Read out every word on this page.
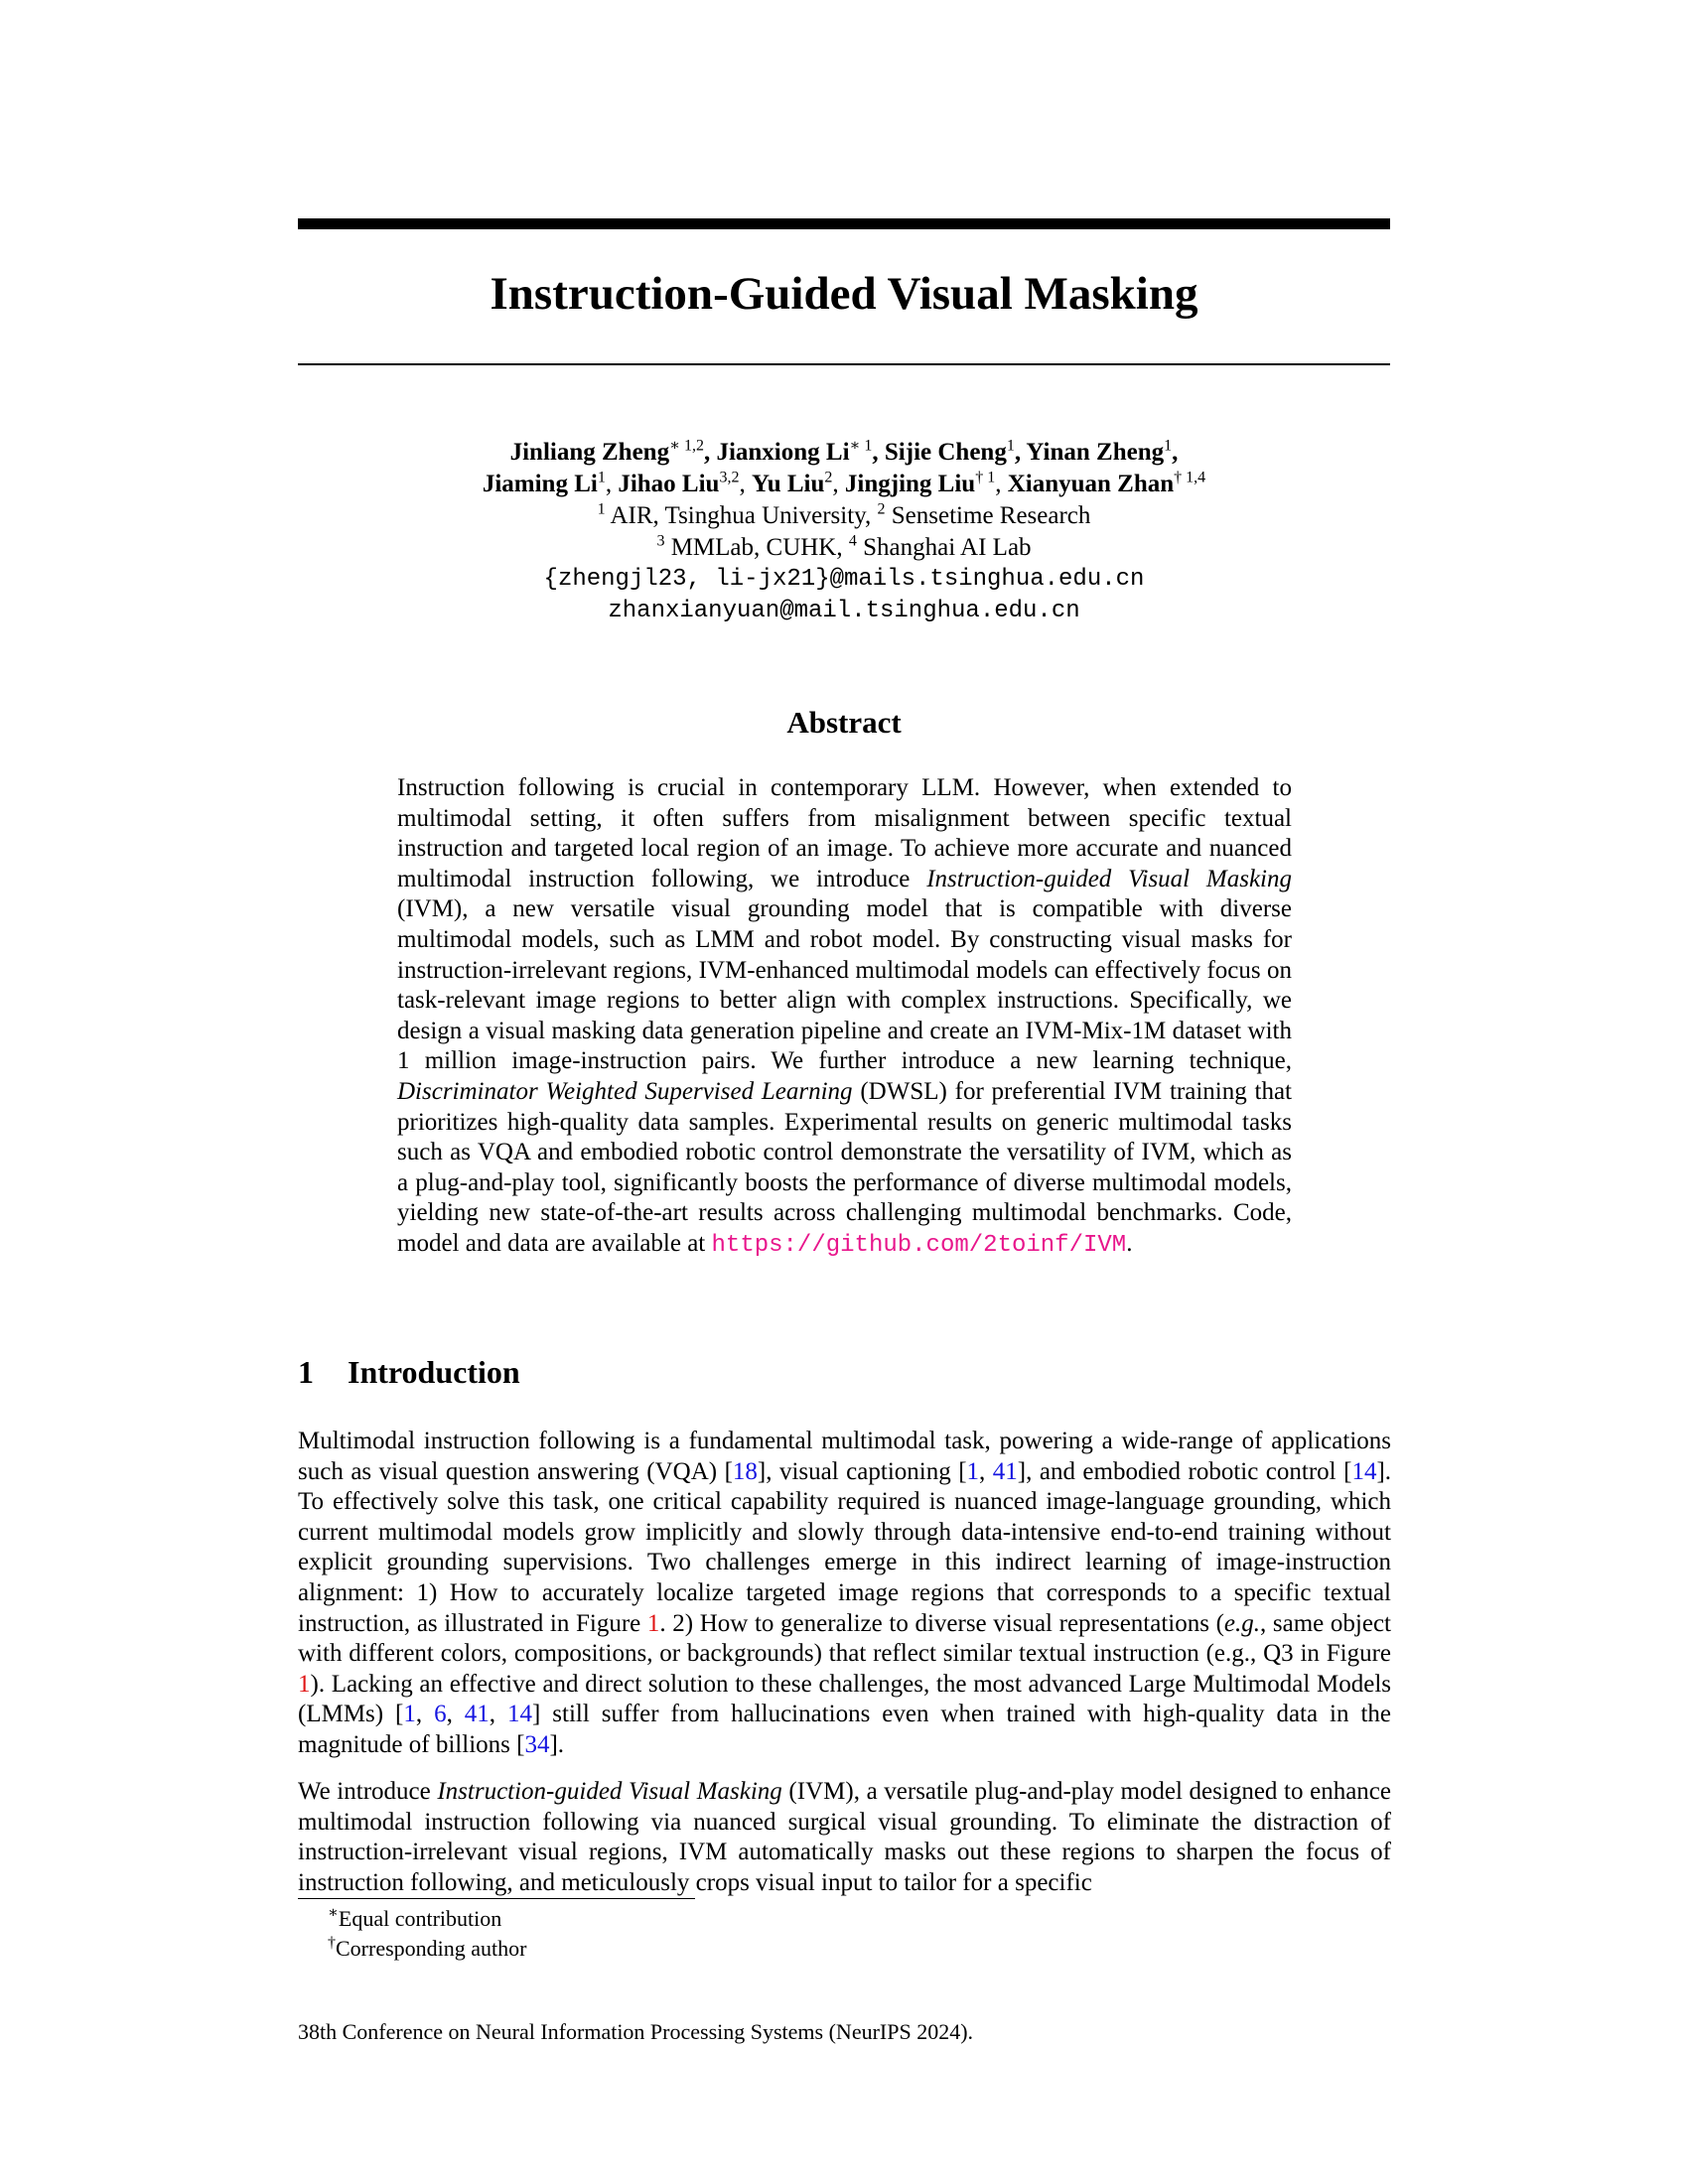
Instruction-Guided Visual Masking
Jinliang Zheng$^{∗ 1,2}$, Jianxiong $Li^{∗ 1}$, Sijie Cheng$^1$, Yinan Zheng$^1$,
Jiaming Li$^1$, Jihao Liu$^{3,2}$, Yu Liu$^2$, Jingjing Liu$^{\dagger 1}$, Xianyuan Zhan$^{\dagger 1,4}$
$^1$ AIR, Tsinghua University, $^2$ Sensetime Research
$^3$ MMLab, CUHK, $^4$ Shanghai AI Lab
{zhengjl23, li-jx21}@mails.tsinghua.edu.cn
zhanxianyuan@mail.tsinghua.edu.cn
Abstract
Instruction following is crucial in contemporary LLM. However, when extended to multimodal setting, it often suffers from misalignment between specific textual instruction and targeted local region of an image. To achieve more accurate and nuanced multimodal instruction following, we introduce Instruction-guided Visual Masking (IVM), a new versatile visual grounding model that is compatible with diverse multimodal models, such as LMM and robot model. By constructing visual masks for instruction-irrelevant regions, IVM-enhanced multimodal models can effectively focus on task-relevant image regions to better align with complex instructions. Specifically, we design a visual masking data generation pipeline and create an IVM-Mix-1M dataset with 1 million image-instruction pairs. We further introduce a new learning technique, Discriminator Weighted Supervised Learning (DWSL) for preferential IVM training that prioritizes high-quality data samples. Experimental results on generic multimodal tasks such as VQA and embodied robotic control demonstrate the versatility of IVM, which as a plug-and-play tool, significantly boosts the performance of diverse multimodal models, yielding new state-of-the-art results across challenging multimodal benchmarks. Code, model and data are available at https://github.com/2toinf/IVM.
1 Introduction
Multimodal instruction following is a fundamental multimodal task, powering a wide-range of applications such as visual question answering (VQA) [18], visual captioning [1, 41], and embodied robotic control [14]. To effectively solve this task, one critical capability required is nuanced image-language grounding, which current multimodal models grow implicitly and slowly through data-intensive end-to-end training without explicit grounding supervisions. Two challenges emerge in this indirect learning of image-instruction alignment: 1) How to accurately localize targeted image regions that corresponds to a specific textual instruction, as illustrated in Figure 1. 2) How to generalize to diverse visual representations (e.g., same object with different colors, compositions, or backgrounds) that reflect similar textual instruction (e.g., Q3 in Figure 1). Lacking an effective and direct solution to these challenges, the most advanced Large Multimodal Models (LMMs) [1, 6, 41, 14] still suffer from hallucinations even when trained with high-quality data in the magnitude of billions [34].
We introduce Instruction-guided Visual Masking (IVM), a versatile plug-and-play model designed to enhance multimodal instruction following via nuanced surgical visual grounding. To eliminate the distraction of instruction-irrelevant visual regions, IVM automatically masks out these regions to sharpen the focus of instruction following, and meticulously crops visual input to tailor for a specific
∗Equal contribution
†Corresponding author
38th Conference on Neural Information Processing Systems (NeurIPS 2024).
